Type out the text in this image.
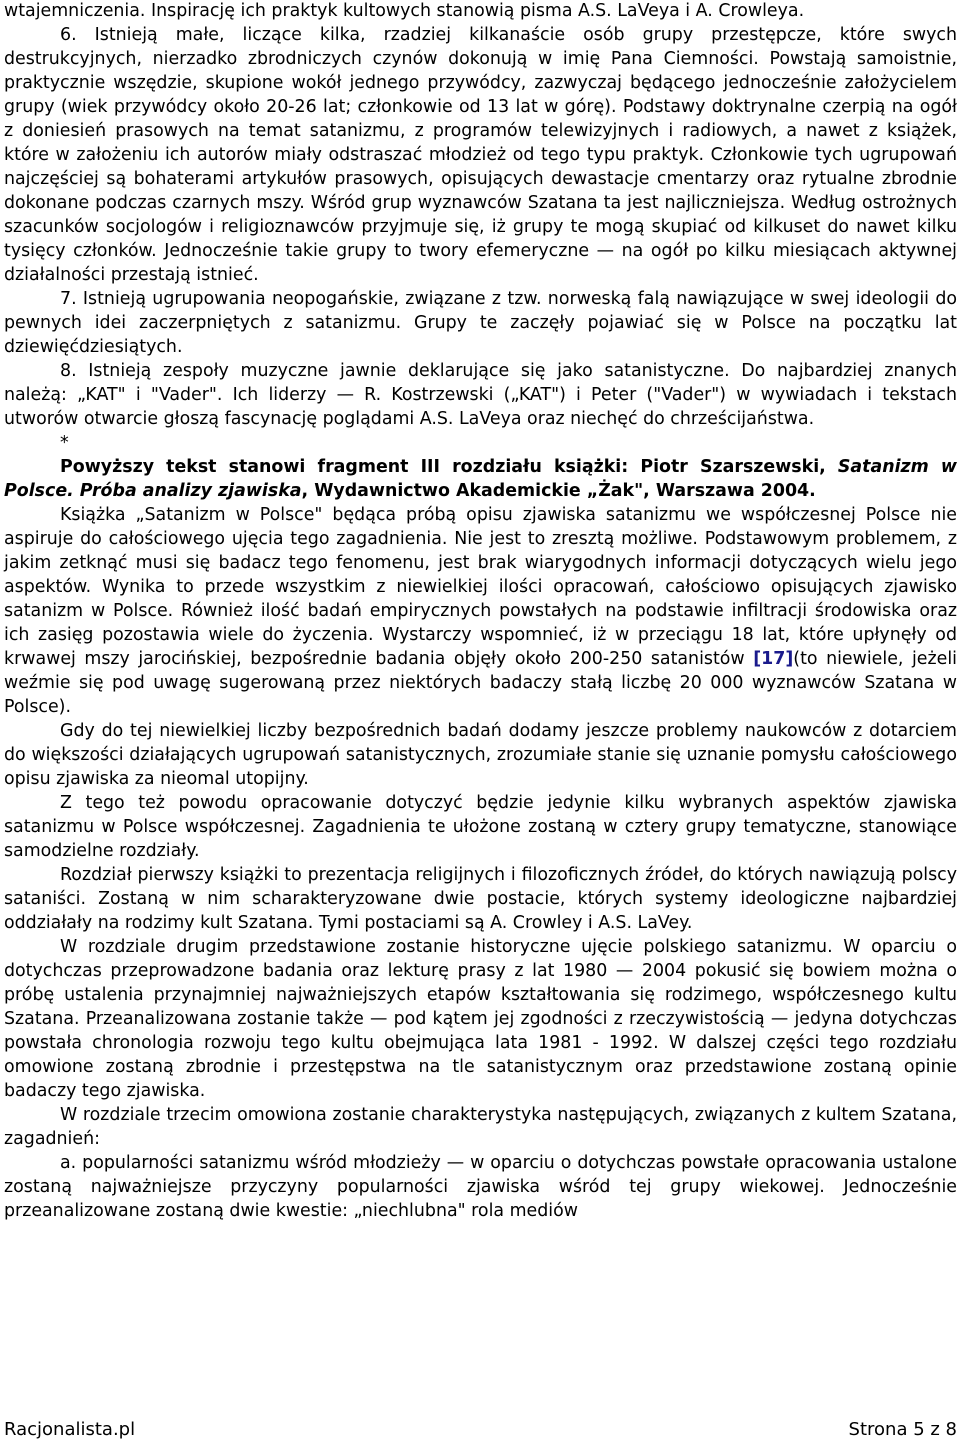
wtajemniczenia. Inspirację ich praktyk kultowych stanowią pisma A.S. LaVeya i A. Crowleya.

6. Istnieją małe, liczące kilka, rzadziej kilkanaście osób grupy przestępcze, które swych destrukcyjnych, nierzadko zbrodniczych czynów dokonują w imię Pana Ciemności. Powstają samoistnie, praktycznie wszędzie, skupione wokół jednego przywódcy, zazwyczaj będącego jednocześnie założycielem grupy (wiek przywódcy około 20-26 lat; członkowie od 13 lat w górę). Podstawy doktrynalne czerpią na ogół z doniesień prasowych na temat satanizmu, z programów telewizyjnych i radiowych, a nawet z książek, które w założeniu ich autorów miały odstraszać młodzież od tego typu praktyk. Członkowie tych ugrupowań najczęściej są bohaterami artykułów prasowych, opisujących dewastacje cmentarzy oraz rytualne zbrodnie dokonane podczas czarnych mszy. Wśród grup wyznawców Szatana ta jest najliczniejsza. Według ostrożnych szacunków socjologów i religioznawców przyjmuje się, iż grupy te mogą skupiać od kilkuset do nawet kilku tysięcy członków. Jednocześnie takie grupy to twory efemeryczne — na ogół po kilku miesiącach aktywnej działalności przestają istnieć.

7. Istnieją ugrupowania neopogańskie, związane z tzw. norweską falą nawiązujące w swej ideologii do pewnych idei zaczerpniętych z satanizmu. Grupy te zaczęły pojawiać się w Polsce na początku lat dziewięćdziesiątych.

8. Istnieją zespoły muzyczne jawnie deklarujące się jako satanistyczne. Do najbardziej znanych należą: „KAT" i "Vader". Ich liderzy — R. Kostrzewski („KAT") i Peter ("Vader") w wywiadach i tekstach utworów otwarcie głoszą fascynację poglądami A.S. LaVeya oraz niechęć do chrześcijaństwa.

*

Powyższy tekst stanowi fragment III rozdziału książki: Piotr Szarszewski, Satanizm w Polsce. Próba analizy zjawiska, Wydawnictwo Akademickie „Żak", Warszawa 2004.

Książka „Satanizm w Polsce" będąca próbą opisu zjawiska satanizmu we współczesnej Polsce nie aspiruje do całościowego ujęcia tego zagadnienia. Nie jest to zresztą możliwe. Podstawowym problemem, z jakim zetknąć musi się badacz tego fenomenu, jest brak wiarygodnych informacji dotyczących wielu jego aspektów. Wynika to przede wszystkim z niewielkiej ilości opracowań, całościowo opisujących zjawisko satanizm w Polsce. Również ilość badań empirycznych powstałych na podstawie infiltracji środowiska oraz ich zasięg pozostawia wiele do życzenia. Wystarczy wspomnieć, iż w przeciągu 18 lat, które upłynęły od krwawej mszy jarocińskiej, bezpośrednie badania objęły około 200-250 satanistów [17](to niewiele, jeżeli weźmie się pod uwagę sugerowaną przez niektórych badaczy stałą liczbę 20 000 wyznawców Szatana w Polsce).

Gdy do tej niewielkiej liczby bezpośrednich badań dodamy jeszcze problemy naukowców z dotarciem do większości działających ugrupowań satanistycznych, zrozumiałe stanie się uznanie pomysłu całościowego opisu zjawiska za nieomal utopijny.

Z tego też powodu opracowanie dotyczyć będzie jedynie kilku wybranych aspektów zjawiska satanizmu w Polsce współczesnej. Zagadnienia te ułożone zostaną w cztery grupy tematyczne, stanowiące samodzielne rozdziały.

Rozdział pierwszy książki to prezentacja religijnych i filozoficznych źródeł, do których nawiązują polscy sataniści. Zostaną w nim scharakteryzowane dwie postacie, których systemy ideologiczne najbardziej oddziałały na rodzimy kult Szatana. Tymi postaciami są A. Crowley i A.S. LaVey.

W rozdziale drugim przedstawione zostanie historyczne ujęcie polskiego satanizmu. W oparciu o dotychczas przeprowadzone badania oraz lekturę prasy z lat 1980 — 2004 pokusić się bowiem można o próbę ustalenia przynajmniej najważniejszych etapów kształtowania się rodzimego, współczesnego kultu Szatana. Przeanalizowana zostanie także — pod kątem jej zgodności z rzeczywistością — jedyna dotychczas powstała chronologia rozwoju tego kultu obejmująca lata 1981 - 1992. W dalszej części tego rozdziału omowione zostaną zbrodnie i przestępstwa na tle satanistycznym oraz przedstawione zostaną opinie badaczy tego zjawiska.

W rozdziale trzecim omowiona zostanie charakterystyka następujących, związanych z kultem Szatana, zagadnień:

a. popularności satanizmu wśród młodzieży — w oparciu o dotychczas powstałe opracowania ustalone zostaną najważniejsze przyczyny popularności zjawiska wśród tej grupy wiekowej. Jednocześnie przeanalizowane zostaną dwie kwestie: „niechlubna" rola mediów

Racjonalista.pl	Strona 5 z 8
